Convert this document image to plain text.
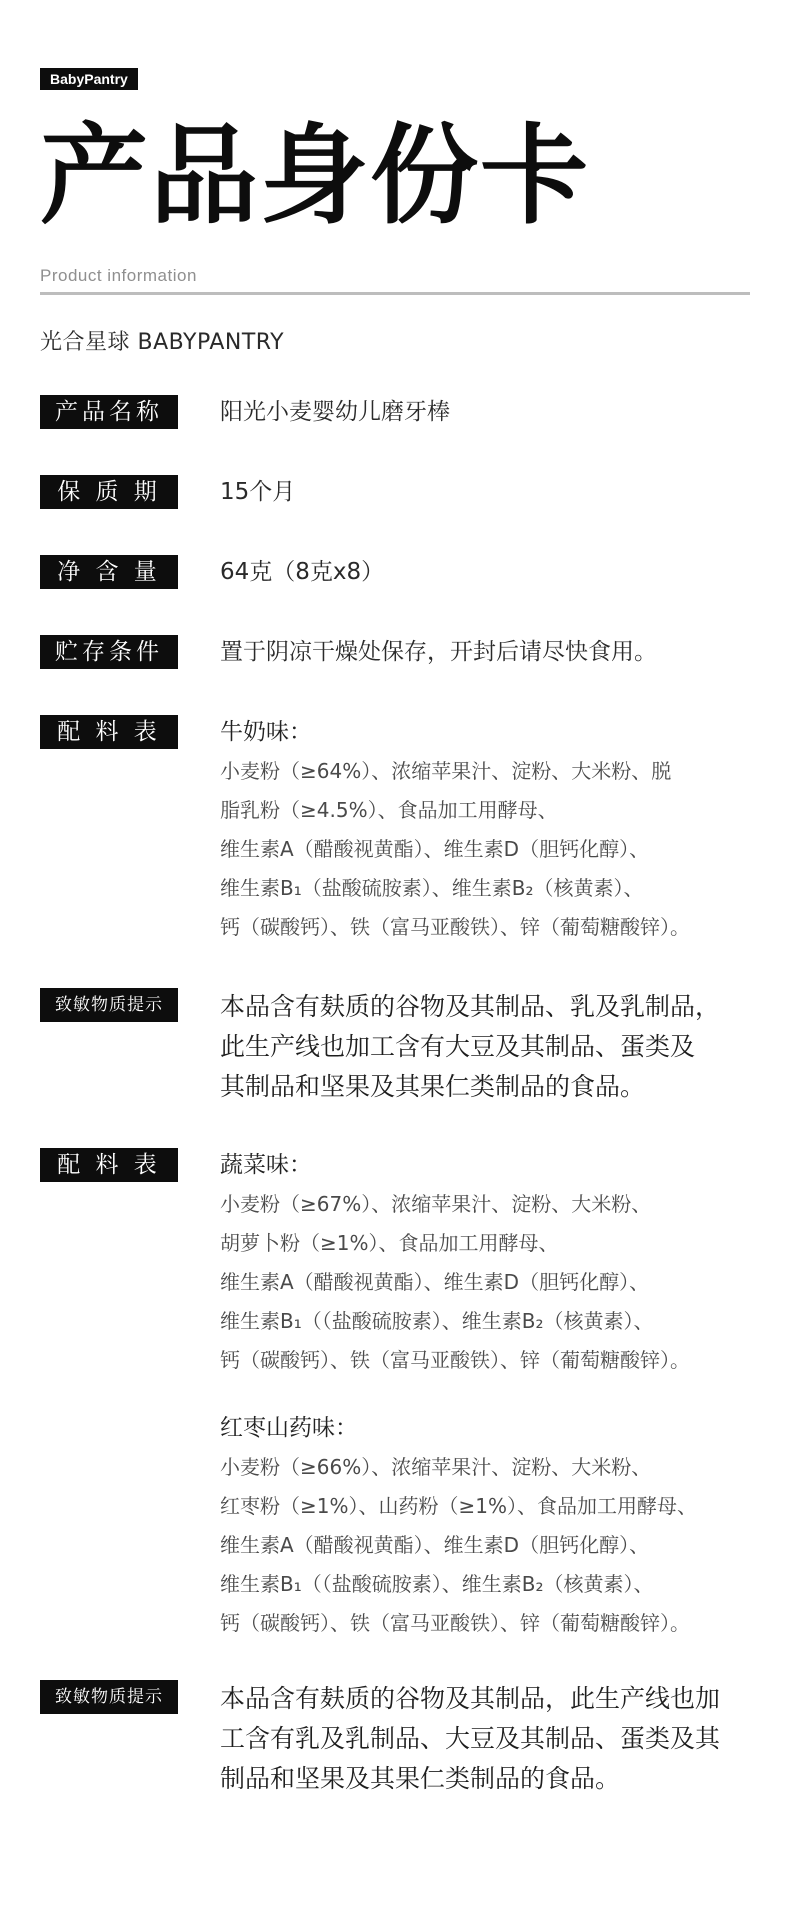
BabyPantry
产品身份卡
Product information
光合星球 BABYPANTRY
产品名称	阳光小麦婴幼儿磨牙棒
保 质 期	15个月
净 含 量	64克（8克x8）
贮存条件	置于阴凉干燥处保存，开封后请尽快食用。
配 料 表	牛奶味：
小麦粉（≥64%）、浓缩苹果汁、淀粉、大米粉、脱
脂乳粉（≥4.5%）、食品加工用酵母、
维生素A（醋酸视黄酯）、维生素D（胆钙化醇）、
维生素B₁（盐酸硫胺素）、维生素B₂（核黄素）、
钙（碳酸钙）、铁（富马亚酸铁）、锌（葡萄糖酸锌）。
致敏物质提示	本品含有麸质的谷物及其制品、乳及乳制品，
此生产线也加工含有大豆及其制品、蛋类及
其制品和坚果及其果仁类制品的食品。
配 料 表	蔬菜味：
小麦粉（≥67%）、浓缩苹果汁、淀粉、大米粉、
胡萝卜粉（≥1%）、食品加工用酵母、
维生素A（醋酸视黄酯）、维生素D（胆钙化醇）、
维生素B₁（（盐酸硫胺素）、维生素B₂（核黄素）、
钙（碳酸钙）、铁（富马亚酸铁）、锌（葡萄糖酸锌）。
红枣山药味：
小麦粉（≥66%）、浓缩苹果汁、淀粉、大米粉、
红枣粉（≥1%）、山药粉（≥1%）、食品加工用酵母、
维生素A（醋酸视黄酯）、维生素D（胆钙化醇）、
维生素B₁（（盐酸硫胺素）、维生素B₂（核黄素）、
钙（碳酸钙）、铁（富马亚酸铁）、锌（葡萄糖酸锌）。
致敏物质提示	本品含有麸质的谷物及其制品，此生产线也加
工含有乳及乳制品、大豆及其制品、蛋类及其
制品和坚果及其果仁类制品的食品。
